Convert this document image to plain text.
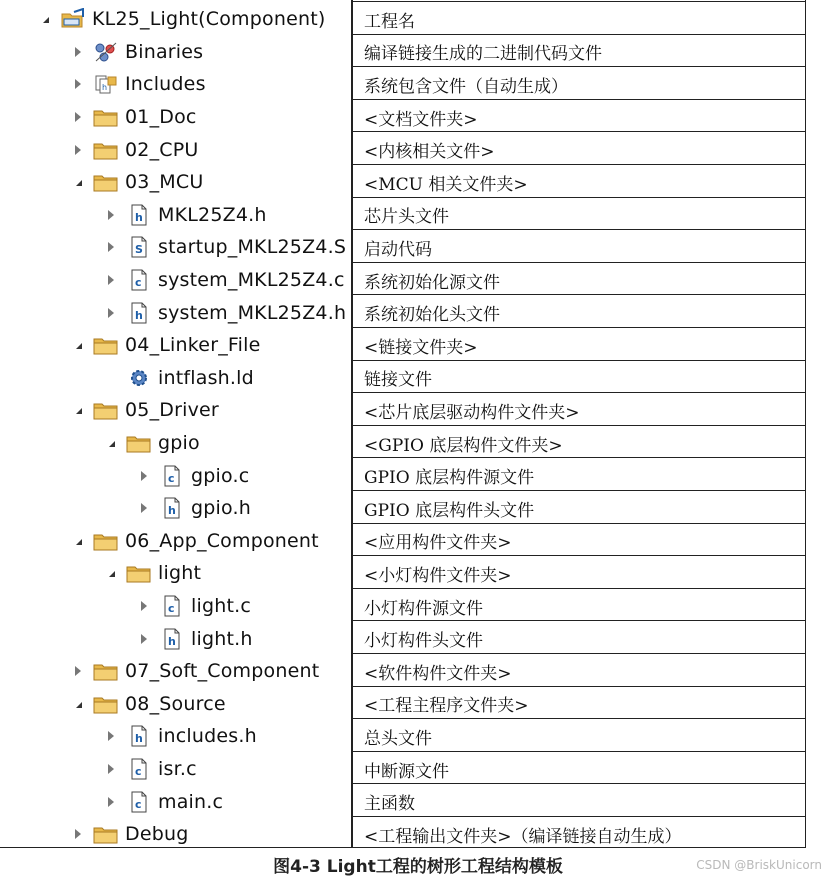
KL25_Light(Component)	工程名
Binaries	编译链接生成的二进制代码文件
h Includes	系统包含文件（自动生成）
01_Doc	<文档文件夹>
02_CPU	<内核相关文件>
03_MCU	<MCU 相关文件夹>
h MKL25Z4.h	芯片头文件
S startup_MKL25Z4.S	启动代码
c system_MKL25Z4.c	系统初始化源文件
h system_MKL25Z4.h	系统初始化头文件
04_Linker_File	<链接文件夹>
intflash.ld	链接文件
05_Driver	<芯片底层驱动构件文件夹>
gpio	<GPIO 底层构件文件夹>
c gpio.c	GPIO 底层构件源文件
h gpio.h	GPIO 底层构件头文件
06_App_Component	<应用构件文件夹>
light	<小灯构件文件夹>
c light.c	小灯构件源文件
h light.h	小灯构件头文件
07_Soft_Component	<软件构件文件夹>
08_Source	<工程主程序文件夹>
h includes.h	总头文件
c isr.c	中断源文件
c main.c	主函数
Debug	<工程输出文件夹>（编译链接自动生成）
图4-3 Light工程的树形工程结构模板	CSDN @BriskUnicorn
